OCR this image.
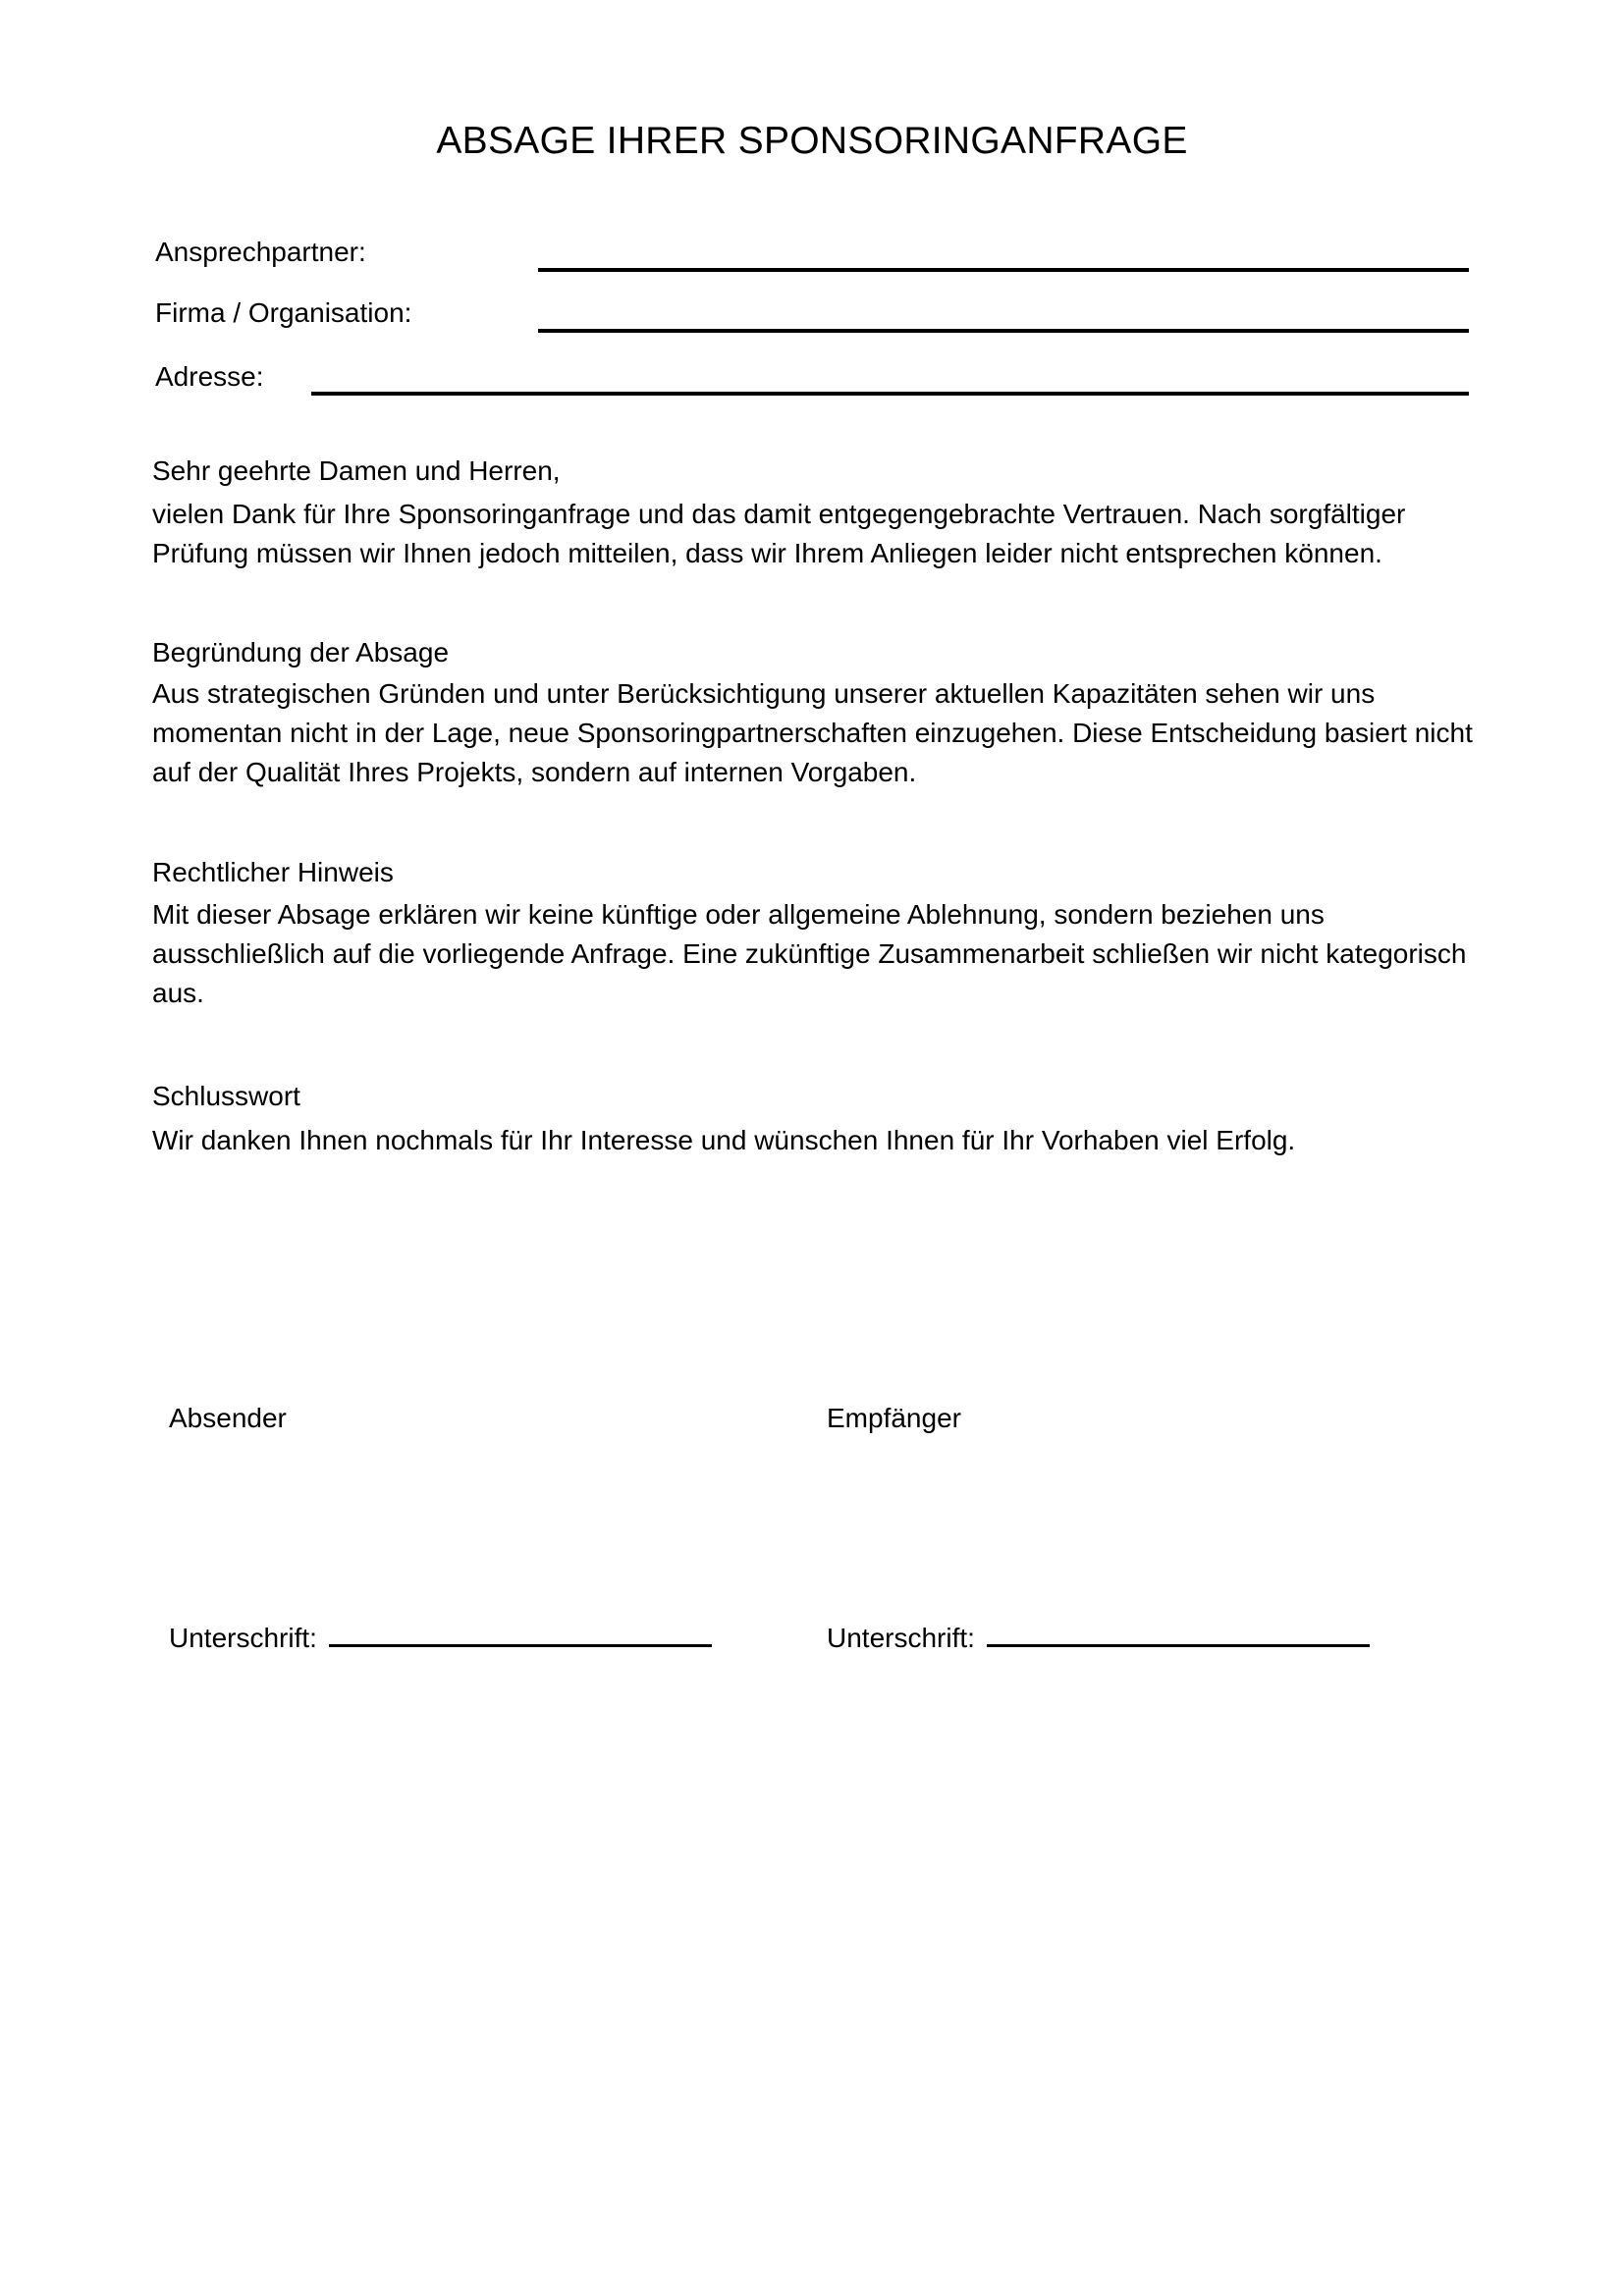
ABSAGE IHRER SPONSORINGANFRAGE
Ansprechpartner:
Firma / Organisation:
Adresse:
Sehr geehrte Damen und Herren,
vielen Dank für Ihre Sponsoringanfrage und das damit entgegengebrachte Vertrauen. Nach sorgfältiger Prüfung müssen wir Ihnen jedoch mitteilen, dass wir Ihrem Anliegen leider nicht entsprechen können.
Begründung der Absage
Aus strategischen Gründen und unter Berücksichtigung unserer aktuellen Kapazitäten sehen wir uns momentan nicht in der Lage, neue Sponsoringpartnerschaften einzugehen. Diese Entscheidung basiert nicht auf der Qualität Ihres Projekts, sondern auf internen Vorgaben.
Rechtlicher Hinweis
Mit dieser Absage erklären wir keine künftige oder allgemeine Ablehnung, sondern beziehen uns ausschließlich auf die vorliegende Anfrage. Eine zukünftige Zusammenarbeit schließen wir nicht kategorisch aus.
Schlusswort
Wir danken Ihnen nochmals für Ihr Interesse und wünschen Ihnen für Ihr Vorhaben viel Erfolg.
Absender	Empfänger
Unterschrift:	Unterschrift:
